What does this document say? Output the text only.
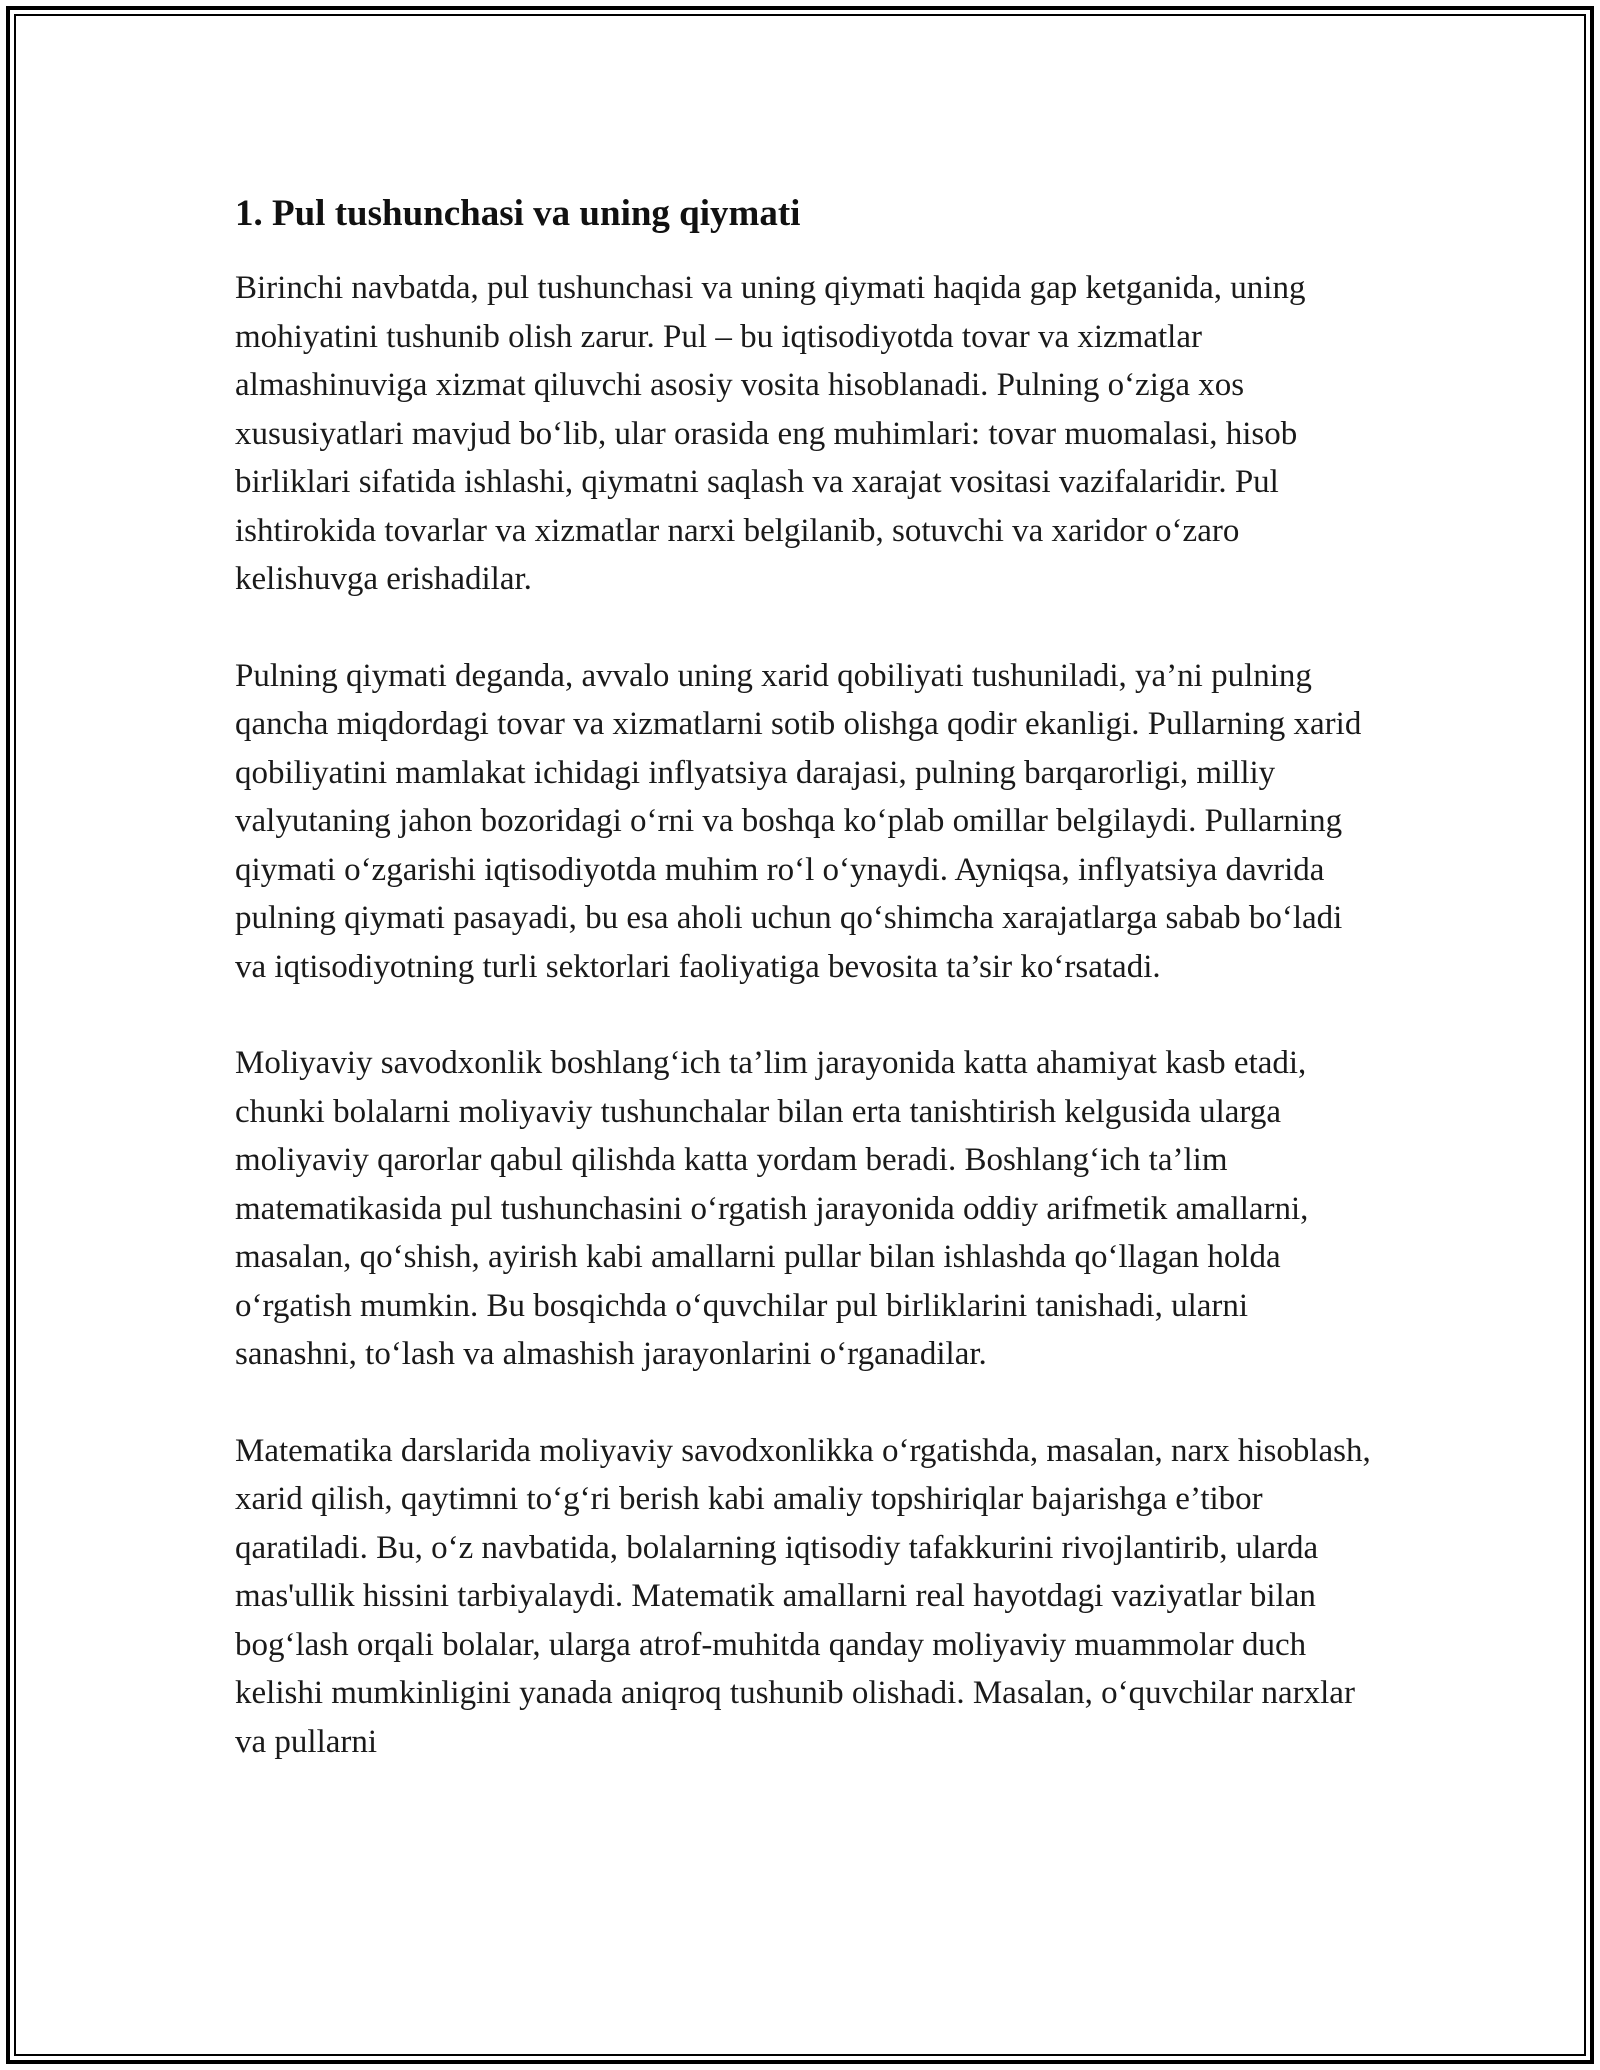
1. Pul tushunchasi va uning qiymati

Birinchi navbatda, pul tushunchasi va uning qiymati haqida gap ketganida, uning mohiyatini tushunib olish zarur. Pul – bu iqtisodiyotda tovar va xizmatlar almashinuviga xizmat qiluvchi asosiy vosita hisoblanadi. Pulning o‘ziga xos xususiyatlari mavjud bo‘lib, ular orasida eng muhimlari: tovar muomalasi, hisob birliklari sifatida ishlashi, qiymatni saqlash va xarajat vositasi vazifalaridir. Pul ishtirokida tovarlar va xizmatlar narxi belgilanib, sotuvchi va xaridor o‘zaro kelishuvga erishadilar.

Pulning qiymati deganda, avvalo uning xarid qobiliyati tushuniladi, ya’ni pulning qancha miqdordagi tovar va xizmatlarni sotib olishga qodir ekanligi. Pullarning xarid qobiliyatini mamlakat ichidagi inflyatsiya darajasi, pulning barqarorligi, milliy valyutaning jahon bozoridagi o‘rni va boshqa ko‘plab omillar belgilaydi. Pullarning qiymati o‘zgarishi iqtisodiyotda muhim ro‘l o‘ynaydi. Ayniqsa, inflyatsiya davrida pulning qiymati pasayadi, bu esa aholi uchun qo‘shimcha xarajatlarga sabab bo‘ladi va iqtisodiyotning turli sektorlari faoliyatiga bevosita ta’sir ko‘rsatadi.

Moliyaviy savodxonlik boshlang‘ich ta’lim jarayonida katta ahamiyat kasb etadi, chunki bolalarni moliyaviy tushunchalar bilan erta tanishtirish kelgusida ularga moliyaviy qarorlar qabul qilishda katta yordam beradi. Boshlang‘ich ta’lim matematikasida pul tushunchasini o‘rgatish jarayonida oddiy arifmetik amallarni, masalan, qo‘shish, ayirish kabi amallarni pullar bilan ishlashda qo‘llagan holda o‘rgatish mumkin. Bu bosqichda o‘quvchilar pul birliklarini tanishadi, ularni sanashni, to‘lash va almashish jarayonlarini o‘rganadilar.

Matematika darslarida moliyaviy savodxonlikka o‘rgatishda, masalan, narx hisoblash, xarid qilish, qaytimni to‘g‘ri berish kabi amaliy topshiriqlar bajarishga e’tibor qaratiladi. Bu, o‘z navbatida, bolalarning iqtisodiy tafakkurini rivojlantirib, ularda mas'ullik hissini tarbiyalaydi. Matematik amallarni real hayotdagi vaziyatlar bilan bog‘lash orqali bolalar, ularga atrof-muhitda qanday moliyaviy muammolar duch kelishi mumkinligini yanada aniqroq tushunib olishadi. Masalan, o‘quvchilar narxlar va pullarni
